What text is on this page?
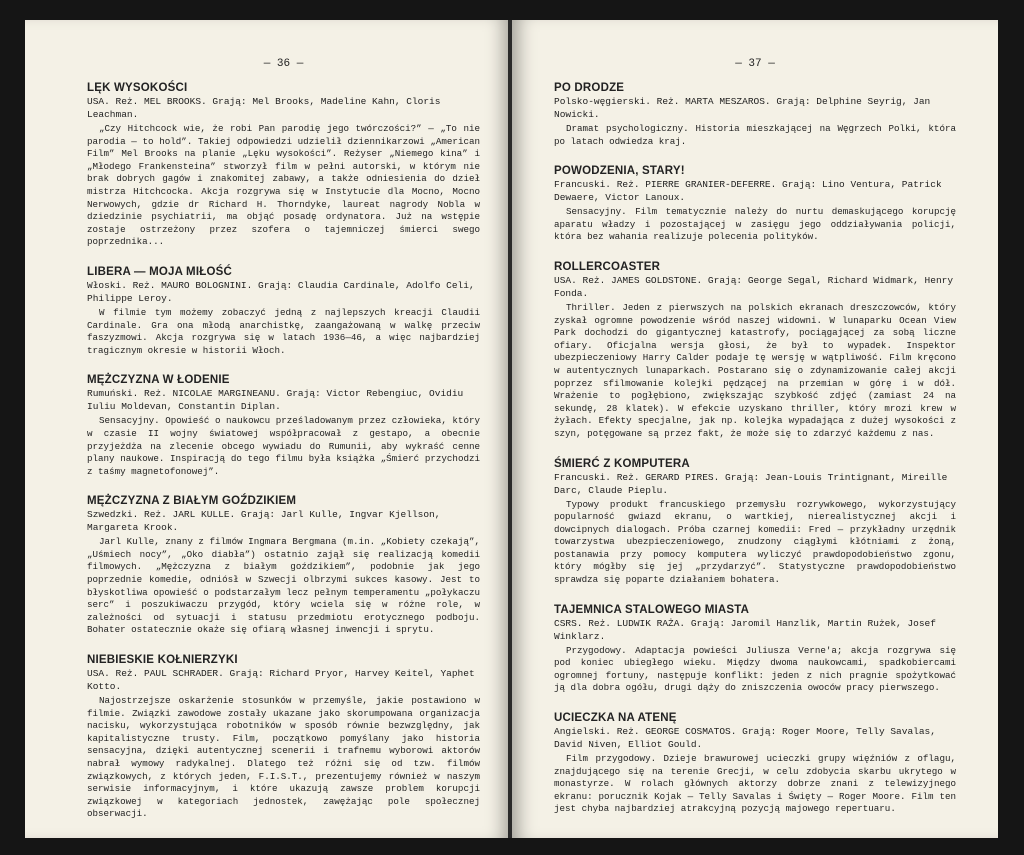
— 36 —
LĘK WYSOKOŚCI
USA. Reż. MEL BROOKS. Grają: Mel Brooks, Madeline Kahn, Cloris Leachman.
„Czy Hitchcock wie, że robi Pan parodię jego twórczości?” — „To nie parodia — to hold”. Takiej odpowiedzi udzielił dziennikarzowi „American Film” Mel Brooks na planie „Lęku wysokości”. Reżyser „Niemego kina” i „Młodego Frankensteina” stworzył film w pełni autorski, w którym nie brak dobrych gagów i znakomitej zabawy, a także odniesienia do dzieł mistrza Hitchcocka. Akcja rozgrywa się w Instytucie dla Mocno, Mocno Nerwowych, gdzie dr Richard H. Thorndyke, laureat nagrody Nobla w dziedzinie psychiatrii, ma objąć posadę ordynatora. Już na wstępie zostaje ostrzeżony przez szofera o tajemniczej śmierci swego poprzednika...
LIBERA — MOJA MIŁOŚĆ
Włoski. Reż. MAURO BOLOGNINI. Grają: Claudia Cardinale, Adolfo Celi, Philippe Leroy.
W filmie tym możemy zobaczyć jedną z najlepszych kreacji Claudii Cardinale. Gra ona młodą anarchistkę, zaangażowaną w walkę przeciw faszyzmowi. Akcja rozgrywa się w latach 1936—46, a więc najbardziej tragicznym okresie w historii Włoch.
MĘŻCZYZNA W ŁODENIE
Rumuński. Reż. NICOLAE MARGINEANU. Grają: Victor Rebengiuc, Ovidiu Iuliu Moldevan, Constantin Diplan.
Sensacyjny. Opowieść o naukowcu prześladowanym przez człowieka, który w czasie II wojny światowej współpracował z gestapo, a obecnie przyjeżdża na zlecenie obcego wywiadu do Rumunii, aby wykraść cenne plany naukowe. Inspiracją do tego filmu była książka „Śmierć przychodzi z taśmy magnetofonowej”.
MĘŻCZYZNA Z BIAŁYM GOŹDZIKIEM
Szwedzki. Reż. JARL KULLE. Grają: Jarl Kulle, Ingvar Kjellson, Margareta Krook.
Jarl Kulle, znany z filmów Ingmara Bergmana (m.in. „Kobiety czekają”, „Uśmiech nocy”, „Oko diabła”) ostatnio zajął się realizacją komedii filmowych. „Mężczyzna z białym goździkiem”, podobnie jak jego poprzednie komedie, odniósł w Szwecji olbrzymi sukces kasowy. Jest to błyskotliwa opowieść o podstarzałym lecz pełnym temperamentu „połykaczu serc” i poszukiwaczu przygód, który wciela się w różne role, w zależności od sytuacji i statusu przedmiotu erotycznego podboju. Bohater ostatecznie okaże się ofiarą własnej inwencji i sprytu.
NIEBIESKIE KOŁNIERZYKI
USA. Reż. PAUL SCHRADER. Grają: Richard Pryor, Harvey Keitel, Yaphet Kotto.
Najostrzejsze oskarżenie stosunków w przemyśle, jakie postawiono w filmie. Związki zawodowe zostały ukazane jako skorumpowana organizacja nacisku, wykorzystująca robotników w sposób równie bezwzględny, jak kapitalistyczne trusty. Film, początkowo pomyślany jako historia sensacyjna, dzięki autentycznej scenerii i trafnemu wyborowi aktorów nabrał wymowy radykalnej. Dlatego też różni się od tzw. filmów związkowych, z których jeden, F.I.S.T., prezentujemy również w naszym serwisie informacyjnym, i które ukazują zawsze problem korupcji związkowej w kategoriach jednostek, zawężając pole społecznej obserwacji.
— 37 —
PO DRODZE
Polsko-węgierski. Reż. MARTA MESZAROS. Grają: Delphine Seyrig, Jan Nowicki.
Dramat psychologiczny. Historia mieszkającej na Węgrzech Polki, która po latach odwiedza kraj.
POWODZENIA, STARY!
Francuski. Reż. PIERRE GRANIER-DEFERRE. Grają: Lino Ventura, Patrick Dewaere, Victor Lanoux.
Sensacyjny. Film tematycznie należy do nurtu demaskującego korupcję aparatu władzy i pozostającej w zasięgu jego oddziaływania policji, która bez wahania realizuje polecenia polityków.
ROLLERCOASTER
USA. Reż. JAMES GOLDSTONE. Grają: George Segal, Richard Widmark, Henry Fonda.
Thriller. Jeden z pierwszych na polskich ekranach dreszczowców, który zyskał ogromne powodzenie wśród naszej widowni. W lunaparku Ocean View Park dochodzi do gigantycznej katastrofy, pociągającej za sobą liczne ofiary. Oficjalna wersja głosi, że był to wypadek. Inspektor ubezpieczeniowy Harry Calder podaje tę wersję w wątpliwość. Film kręcono w autentycznych lunaparkach. Postarano się o zdynamizowanie całej akcji poprzez sfilmowanie kolejki pędzącej na przemian w górę i w dół. Wrażenie to pogłębiono, zwiększając szybkość zdjęć (zamiast 24 na sekundę, 28 klatek). W efekcie uzyskano thriller, który mrozi krew w żyłach. Efekty specjalne, jak np. kolejka wypadająca z dużej wysokości z szyn, potęgowane są przez fakt, że może się to zdarzyć każdemu z nas.
ŚMIERĆ Z KOMPUTERA
Francuski. Reż. GERARD PIRES. Grają: Jean-Louis Trintignant, Mireille Darc, Claude Pieplu.
Typowy produkt francuskiego przemysłu rozrywkowego, wykorzystujący popularność gwiazd ekranu, o wartkiej, nierealistycznej akcji i dowcipnych dialogach. Próba czarnej komedii: Fred — przykładny urzędnik towarzystwa ubezpieczeniowego, znudzony ciągłymi kłótniami z żoną, postanawia przy pomocy komputera wyliczyć prawdopodobieństwo zgonu, który mógłby się jej „przydarzyć”. Statystyczne prawdopodobieństwo sprawdza się poparte działaniem bohatera.
TAJEMNICA STALOWEGO MIASTA
CSRS. Reż. LUDWIK RAŻA. Grają: Jaromil Hanzlik, Martin Rużek, Josef Winklarz.
Przygodowy. Adaptacja powieści Juliusza Verne'a; akcja rozgrywa się pod koniec ubiegłego wieku. Między dwoma naukowcami, spadkobiercami ogromnej fortuny, następuje konflikt: jeden z nich pragnie spożytkować ją dla dobra ogółu, drugi dąży do zniszczenia owoców pracy pierwszego.
UCIECZKA NA ATENĘ
Angielski. Reż. GEORGE COSMATOS. Grają: Roger Moore, Telly Savalas, David Niven, Elliot Gould.
Film przygodowy. Dzieje brawurowej ucieczki grupy więźniów z oflagu, znajdującego się na terenie Grecji, w celu zdobycia skarbu ukrytego w monastyrze. W rolach głównych aktorzy dobrze znani z telewizyjnego ekranu: porucznik Kojak — Telly Savalas i Święty — Roger Moore. Film ten jest chyba najbardziej atrakcyjną pozycją majowego repertuaru.
